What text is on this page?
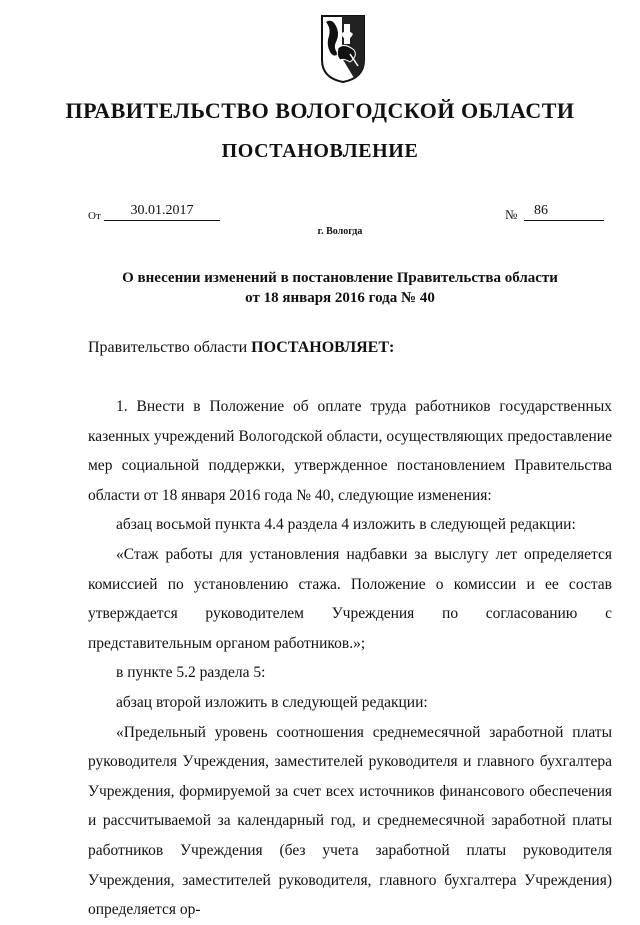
ПРАВИТЕЛЬСТВО ВОЛОГОДСКОЙ ОБЛАСТИ
ПОСТАНОВЛЕНИЕ
От	30.01.2017	№	86
г. Вологда
О внесении изменений в постановление Правительства области
от 18 января 2016 года № 40
Правительство области ПОСТАНОВЛЯЕТ:

1. Внести в Положение об оплате труда работников государственных казенных учреждений Вологодской области, осуществляющих предоставление мер социальной поддержки, утвержденное постановлением Правительства области от 18 января 2016 года № 40, следующие изменения:

абзац восьмой пункта 4.4 раздела 4 изложить в следующей редакции:

«Стаж работы для установления надбавки за выслугу лет определяется комиссией по установлению стажа. Положение о комиссии и ее состав утверждается руководителем Учреждения по согласованию с представительным органом работников.»;

в пункте 5.2 раздела 5:

абзац второй изложить в следующей редакции:

«Предельный уровень соотношения среднемесячной заработной платы руководителя Учреждения, заместителей руководителя и главного бухгалтера Учреждения, формируемой за счет всех источников финансового обеспечения и рассчитываемой за календарный год, и среднемесячной заработной платы работников Учреждения (без учета заработной платы руководителя Учреждения, заместителей руководителя, главного бухгалтера Учреждения) определяется ор-
